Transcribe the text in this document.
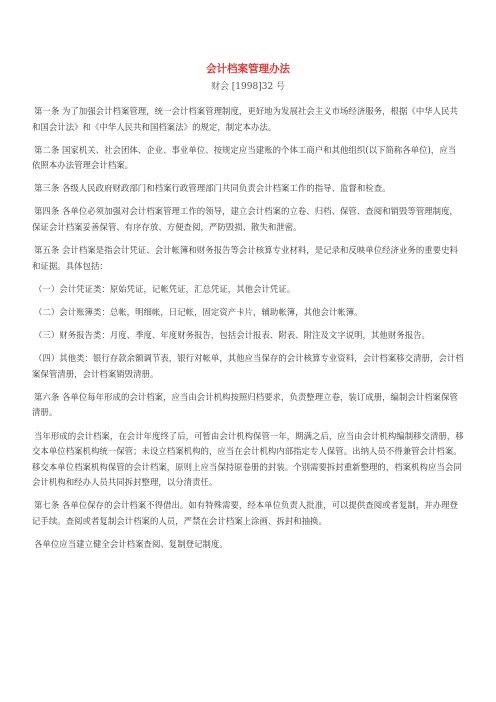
会计档案管理办法
财会 [1998]32 号

第一条 为了加强会计档案管理，统一会计档案管理制度，更好地为发展社会主义市场经济服务，根据《中华人民共和国会计法》和《中华人民共和国档案法》的规定，制定本办法。

第二条 国家机关、社会团体、企业、事业单位、按规定应当建账的个体工商户和其他组织(以下简称各单位)，应当依照本办法管理会计档案。

第三条 各级人民政府财政部门和档案行政管理部门共同负责会计档案工作的指导、监督和检查。

第四条 各单位必须加强对会计档案管理工作的领导，建立会计档案的立卷、归档、保管、查阅和销毁等管理制度，保证会计档案妥善保管、有序存放、方便查阅，严防毁损、散失和泄密。

第五条 会计档案是指会计凭证、会计帐簿和财务报告等会计核算专业材料，是记录和反映单位经济业务的重要史料和证据。具体包括：

（一）会计凭证类：原始凭证，记帐凭证，汇总凭证，其他会计凭证。

（二）会计账簿类：总帐，明细帐，日记帐，固定资产卡片，辅助帐簿，其他会计帐簿。

（三）财务报告类：月度、季度、年度财务报告，包括会计报表、附表、附注及文字说明，其他财务报告。

（四）其他类：银行存款余额调节表，银行对帐单，其他应当保存的会计核算专业资料，会计档案移交清册，会计档案保管清册，会计档案销毁清册。

第六条 各单位每年形成的会计档案，应当由会计机构按照归档要求，负责整理立卷，装订成册，编制会计档案保管清册。

当年形成的会计档案，在会计年度终了后，可暂由会计机构保管一年，期满之后，应当由会计机构编制移交清册，移交本单位档案机构统一保管；未设立档案机构的，应当在会计机构内部指定专人保管。出纳人员不得兼管会计档案。移交本单位档案机构保管的会计档案，原则上应当保持原卷册的封装。个别需要拆封重新整理的，档案机构应当会同会计机构和经办人员共同拆封整理，以分清责任。

第七条 各单位保存的会计档案不得借出。如有特殊需要，经本单位负责人批准，可以提供查阅或者复制，并办理登记手续。查阅或者复制会计档案的人员，严禁在会计档案上涂画、拆封和抽换。

各单位应当建立健全会计档案查阅、复制登记制度。
